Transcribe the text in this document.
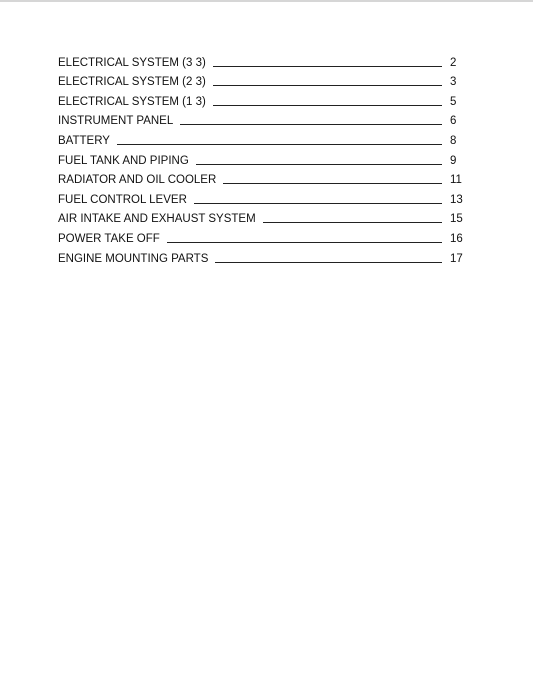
ELECTRICAL SYSTEM (3 3)	2
ELECTRICAL SYSTEM (2 3)	3
ELECTRICAL SYSTEM (1 3)	5
INSTRUMENT PANEL	6
BATTERY	8
FUEL TANK AND PIPING	9
RADIATOR AND OIL COOLER	11
FUEL CONTROL LEVER	13
AIR INTAKE AND EXHAUST SYSTEM	15
POWER TAKE OFF	16
ENGINE MOUNTING PARTS	17
